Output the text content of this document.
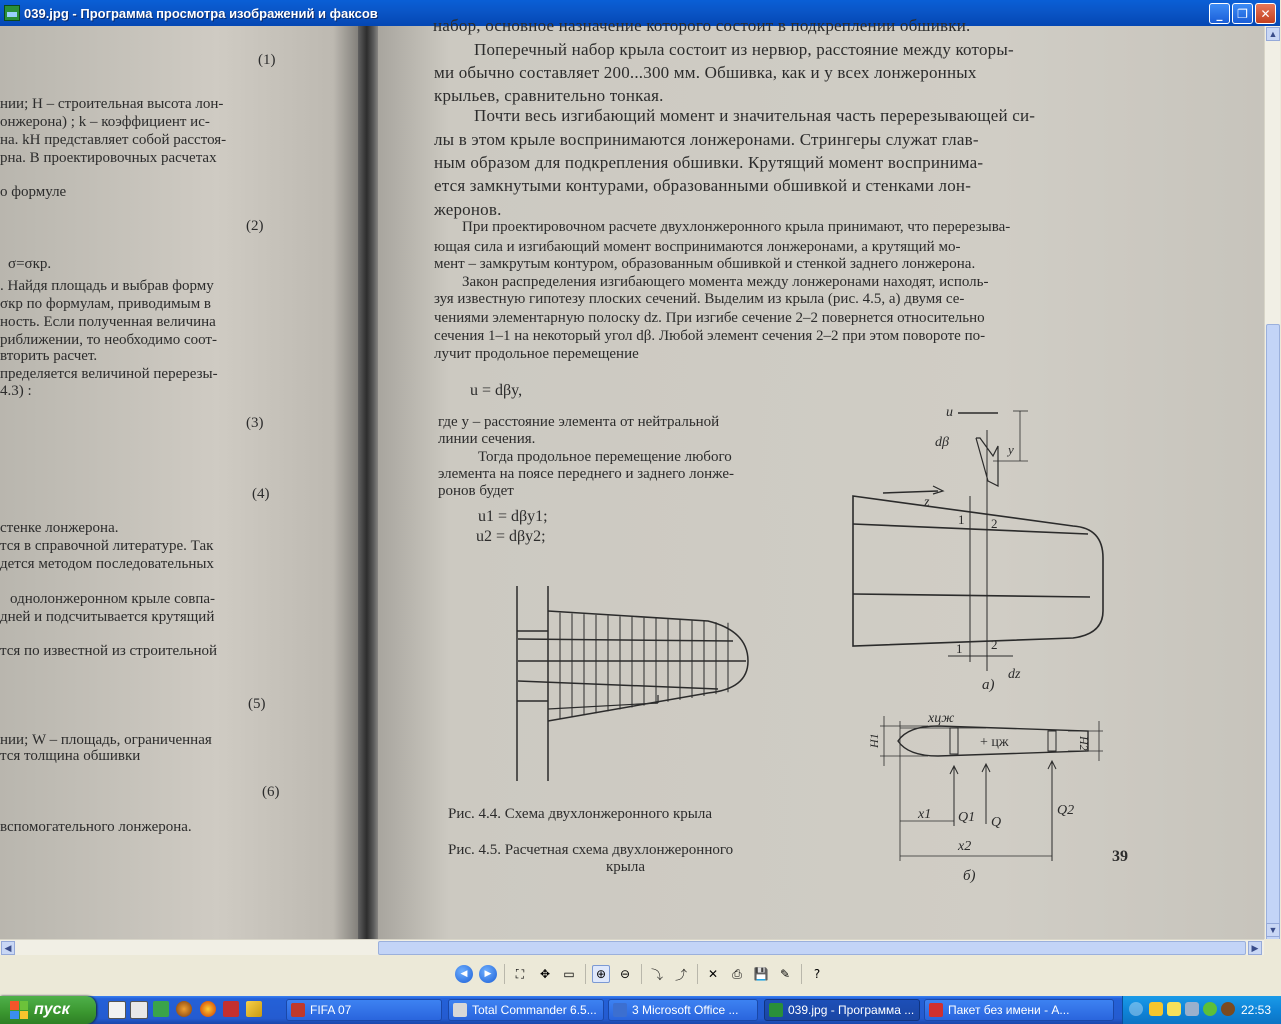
039.jpg - Программа просмотра изображений и факсов	_	❐	✕
(1)
нии; Н – строительная высота лон-
онжерона) ; k – коэффициент ис-
на. kH представляет собой расстоя-
рна. В проектировочных расчетах
о формуле
(2)
σ=σкр.
. Найдя площадь и выбрав форму
σкр по формулам, приводимым в
ность. Если полученная величина
риближении, то необходимо соот-
вторить расчет.
пределяется величиной перерезы-
4.3) :
(3)
(4)
стенке лонжерона.
тся в справочной литературе. Так
дется методом последовательных
однолонжеронном крыле совпа-
дней и подсчитывается крутящий
тся по известной из строительной
(5)
нии; W – площадь, ограниченная
тся толщина обшивки
(6)
вспомогательного лонжерона.
набор, основное назначение которого состоит в подкреплении обшивки.
Поперечный набор крыла состоит из нервюр, расстояние между которы-
ми обычно составляет 200...300 мм. Обшивка, как и у всех лонжеронных
крыльев, сравнительно тонкая.
Почти весь изгибающий момент и значительная часть перерезывающей си-
лы в этом крыле воспринимаются лонжеронами. Стрингеры служат глав-
ным образом для подкрепления обшивки. Крутящий момент воспринима-
ется замкнутыми контурами, образованными обшивкой и стенками лон-
жеронов.
При проектировочном расчете двухлонжеронного крыла принимают, что перерезыва-
ющая сила и изгибающий момент воспринимаются лонжеронами, а крутящий мо-
мент – замкрутым контуром, образованным обшивкой и стенкой заднего лонжерона.
Закон распределения изгибающего момента между лонжеронами находят, исполь-
зуя известную гипотезу плоских сечений. Выделим из крыла (рис. 4.5, а) двумя се-
чениями элементарную полоску dz. При изгибе сечение 2–2 повернется относительно
сечения 1–1 на некоторый угол dβ. Любой элемент сечения 2–2 при этом повороте по-
лучит продольное перемещение
u = dβy,
где y – расстояние элемента от нейтральной
линии сечения.
Тогда продольное перемещение любого
элемента на поясе переднего и заднего лонже-
ронов будет
u1 = dβy1;
u2 = dβy2;
u
dβ	y
z
1 2
1 2
dz
а)
xцж
+ цж
H1	H2
x1 Q1 Q
Q2
x2
б)
Рис. 4.4. Схема двухлонжеронного крыла
Рис. 4.5. Расчетная схема двухлонжеронного
крыла
39
▲
▼
◀	▶
◀	▶	⛶	✥	▭	⊕	⊖	⤵ ⤴	✕	⎙ 💾 ✎	?
пуск	FIFA 07	Total Commander 6.5...	3 Microsoft Office ...	039.jpg - Программа ...	Пакет без имени - A...	22:53
